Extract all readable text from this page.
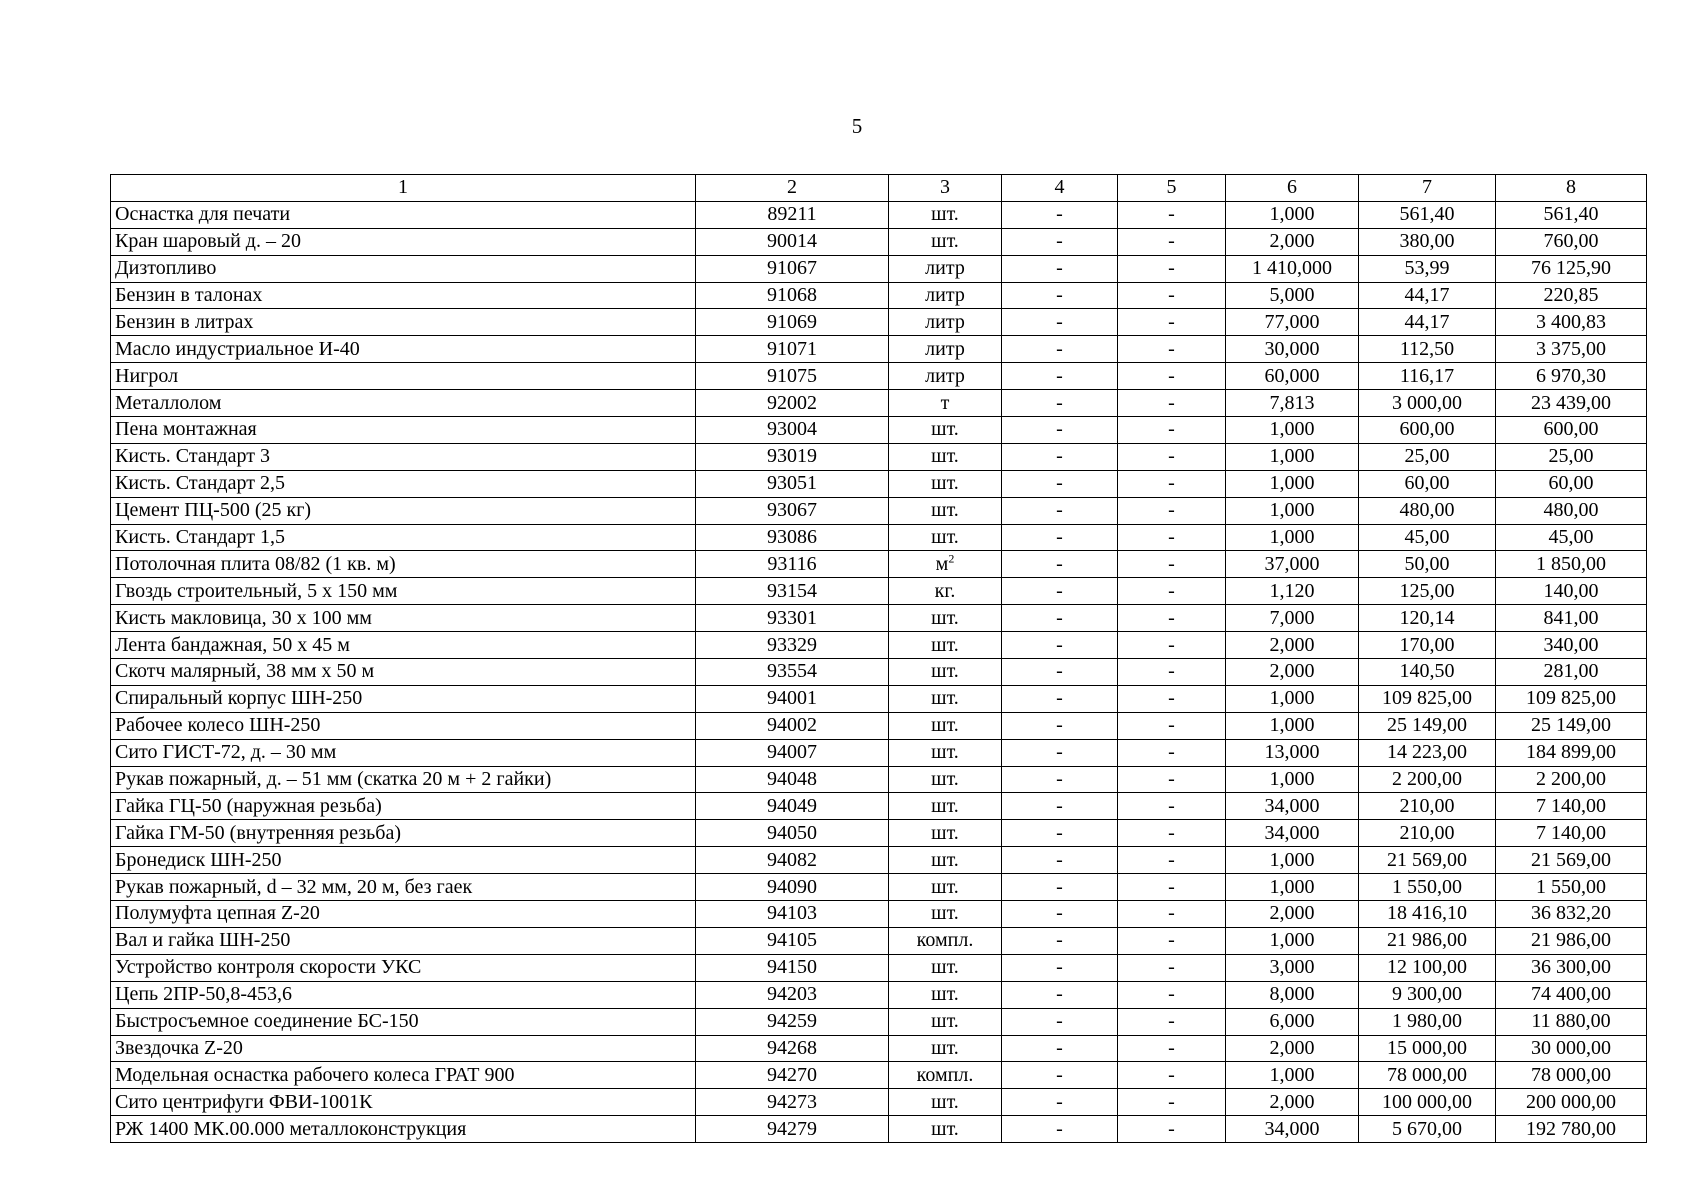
5
1	2	3	4	5	6	7	8
Оснастка для печати	89211	шт.	-	-	1,000	561,40	561,40
Кран шаровый д. – 20	90014	шт.	-	-	2,000	380,00	760,00
Дизтопливо	91067	литр	-	-	1 410,000	53,99	76 125,90
Бензин в талонах	91068	литр	-	-	5,000	44,17	220,85
Бензин в литрах	91069	литр	-	-	77,000	44,17	3 400,83
Масло индустриальное И-40	91071	литр	-	-	30,000	112,50	3 375,00
Нигрол	91075	литр	-	-	60,000	116,17	6 970,30
Металлолом	92002	т	-	-	7,813	3 000,00	23 439,00
Пена монтажная	93004	шт.	-	-	1,000	600,00	600,00
Кисть. Стандарт 3	93019	шт.	-	-	1,000	25,00	25,00
Кисть. Стандарт 2,5	93051	шт.	-	-	1,000	60,00	60,00
Цемент ПЦ-500 (25 кг)	93067	шт.	-	-	1,000	480,00	480,00
Кисть. Стандарт 1,5	93086	шт.	-	-	1,000	45,00	45,00
Потолочная плита 08/82 (1 кв. м)	93116	$м^2$	-	-	37,000	50,00	1 850,00
Гвоздь строительный, 5 х 150 мм	93154	кг.	-	-	1,120	125,00	140,00
Кисть макловица, 30 х 100 мм	93301	шт.	-	-	7,000	120,14	841,00
Лента бандажная, 50 х 45 м	93329	шт.	-	-	2,000	170,00	340,00
Скотч малярный, 38 мм х 50 м	93554	шт.	-	-	2,000	140,50	281,00
Спиральный корпус ШН-250	94001	шт.	-	-	1,000	109 825,00	109 825,00
Рабочее колесо ШН-250	94002	шт.	-	-	1,000	25 149,00	25 149,00
Сито ГИСТ-72, д. – 30 мм	94007	шт.	-	-	13,000	14 223,00	184 899,00
Рукав пожарный, д. – 51 мм (скатка 20 м + 2 гайки)	94048	шт.	-	-	1,000	2 200,00	2 200,00
Гайка ГЦ-50 (наружная резьба)	94049	шт.	-	-	34,000	210,00	7 140,00
Гайка ГМ-50 (внутренняя резьба)	94050	шт.	-	-	34,000	210,00	7 140,00
Бронедиск ШН-250	94082	шт.	-	-	1,000	21 569,00	21 569,00
Рукав пожарный, d – 32 мм, 20 м, без гаек	94090	шт.	-	-	1,000	1 550,00	1 550,00
Полумуфта цепная Z-20	94103	шт.	-	-	2,000	18 416,10	36 832,20
Вал и гайка ШН-250	94105	компл.	-	-	1,000	21 986,00	21 986,00
Устройство контроля скорости УКС	94150	шт.	-	-	3,000	12 100,00	36 300,00
Цепь 2ПР-50,8-453,6	94203	шт.	-	-	8,000	9 300,00	74 400,00
Быстросъемное соединение БС-150	94259	шт.	-	-	6,000	1 980,00	11 880,00
Звездочка Z-20	94268	шт.	-	-	2,000	15 000,00	30 000,00
Модельная оснастка рабочего колеса ГРАТ 900	94270	компл.	-	-	1,000	78 000,00	78 000,00
Сито центрифуги ФВИ-1001К	94273	шт.	-	-	2,000	100 000,00	200 000,00
РЖ 1400 МК.00.000 металлоконструкция	94279	шт.	-	-	34,000	5 670,00	192 780,00
